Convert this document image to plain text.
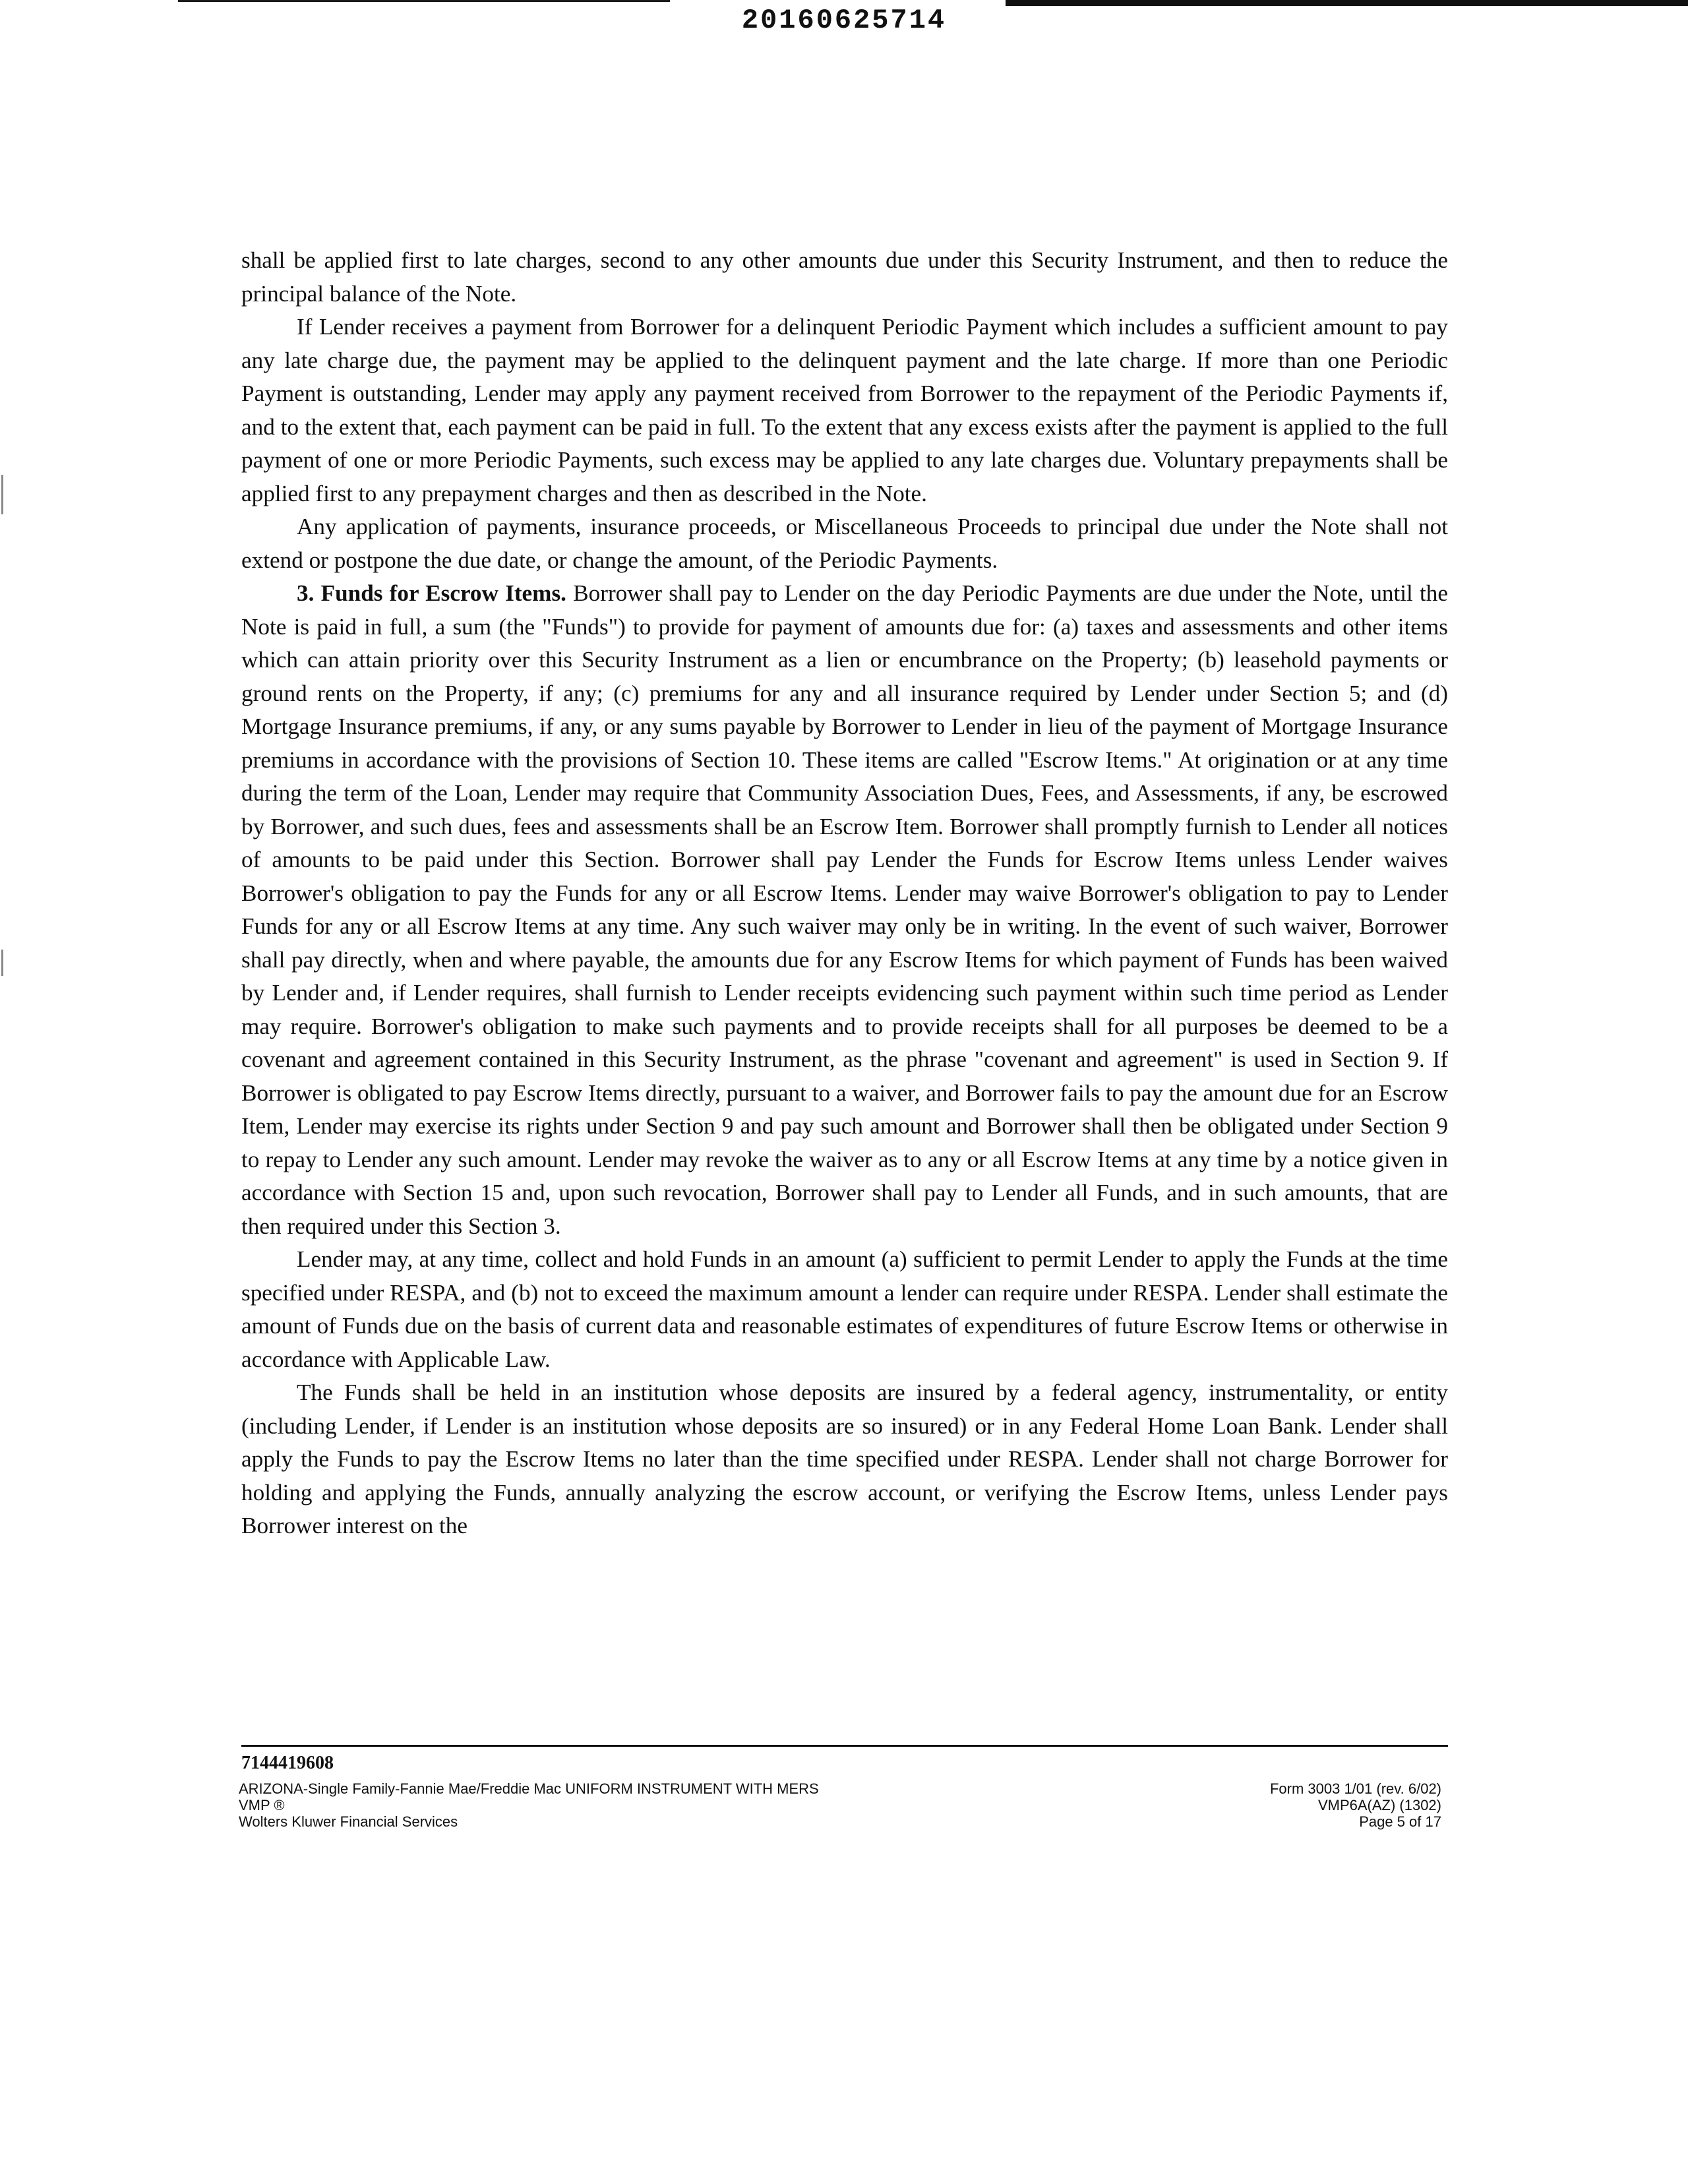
20160625714

shall be applied first to late charges, second to any other amounts due under this Security Instrument, and then to reduce the principal balance of the Note.

If Lender receives a payment from Borrower for a delinquent Periodic Payment which includes a sufficient amount to pay any late charge due, the payment may be applied to the delinquent payment and the late charge. If more than one Periodic Payment is outstanding, Lender may apply any payment received from Borrower to the repayment of the Periodic Payments if, and to the extent that, each payment can be paid in full. To the extent that any excess exists after the payment is applied to the full payment of one or more Periodic Payments, such excess may be applied to any late charges due. Voluntary prepayments shall be applied first to any prepayment charges and then as described in the Note.

Any application of payments, insurance proceeds, or Miscellaneous Proceeds to principal due under the Note shall not extend or postpone the due date, or change the amount, of the Periodic Payments.

3. Funds for Escrow Items. Borrower shall pay to Lender on the day Periodic Payments are due under the Note, until the Note is paid in full, a sum (the "Funds") to provide for payment of amounts due for: (a) taxes and assessments and other items which can attain priority over this Security Instrument as a lien or encumbrance on the Property; (b) leasehold payments or ground rents on the Property, if any; (c) premiums for any and all insurance required by Lender under Section 5; and (d) Mortgage Insurance premiums, if any, or any sums payable by Borrower to Lender in lieu of the payment of Mortgage Insurance premiums in accordance with the provisions of Section 10. These items are called "Escrow Items." At origination or at any time during the term of the Loan, Lender may require that Community Association Dues, Fees, and Assessments, if any, be escrowed by Borrower, and such dues, fees and assessments shall be an Escrow Item. Borrower shall promptly furnish to Lender all notices of amounts to be paid under this Section. Borrower shall pay Lender the Funds for Escrow Items unless Lender waives Borrower's obligation to pay the Funds for any or all Escrow Items. Lender may waive Borrower's obligation to pay to Lender Funds for any or all Escrow Items at any time. Any such waiver may only be in writing. In the event of such waiver, Borrower shall pay directly, when and where payable, the amounts due for any Escrow Items for which payment of Funds has been waived by Lender and, if Lender requires, shall furnish to Lender receipts evidencing such payment within such time period as Lender may require. Borrower's obligation to make such payments and to provide receipts shall for all purposes be deemed to be a covenant and agreement contained in this Security Instrument, as the phrase "covenant and agreement" is used in Section 9. If Borrower is obligated to pay Escrow Items directly, pursuant to a waiver, and Borrower fails to pay the amount due for an Escrow Item, Lender may exercise its rights under Section 9 and pay such amount and Borrower shall then be obligated under Section 9 to repay to Lender any such amount. Lender may revoke the waiver as to any or all Escrow Items at any time by a notice given in accordance with Section 15 and, upon such revocation, Borrower shall pay to Lender all Funds, and in such amounts, that are then required under this Section 3.

Lender may, at any time, collect and hold Funds in an amount (a) sufficient to permit Lender to apply the Funds at the time specified under RESPA, and (b) not to exceed the maximum amount a lender can require under RESPA. Lender shall estimate the amount of Funds due on the basis of current data and reasonable estimates of expenditures of future Escrow Items or otherwise in accordance with Applicable Law.

The Funds shall be held in an institution whose deposits are insured by a federal agency, instrumentality, or entity (including Lender, if Lender is an institution whose deposits are so insured) or in any Federal Home Loan Bank. Lender shall apply the Funds to pay the Escrow Items no later than the time specified under RESPA. Lender shall not charge Borrower for holding and applying the Funds, annually analyzing the escrow account, or verifying the Escrow Items, unless Lender pays Borrower interest on the

7144419608
ARIZONA-Single Family-Fannie Mae/Freddie Mac UNIFORM INSTRUMENT WITH MERS
VMP ®
Wolters Kluwer Financial Services
Form 3003 1/01 (rev. 6/02)
VMP6A(AZ) (1302)
Page 5 of 17
